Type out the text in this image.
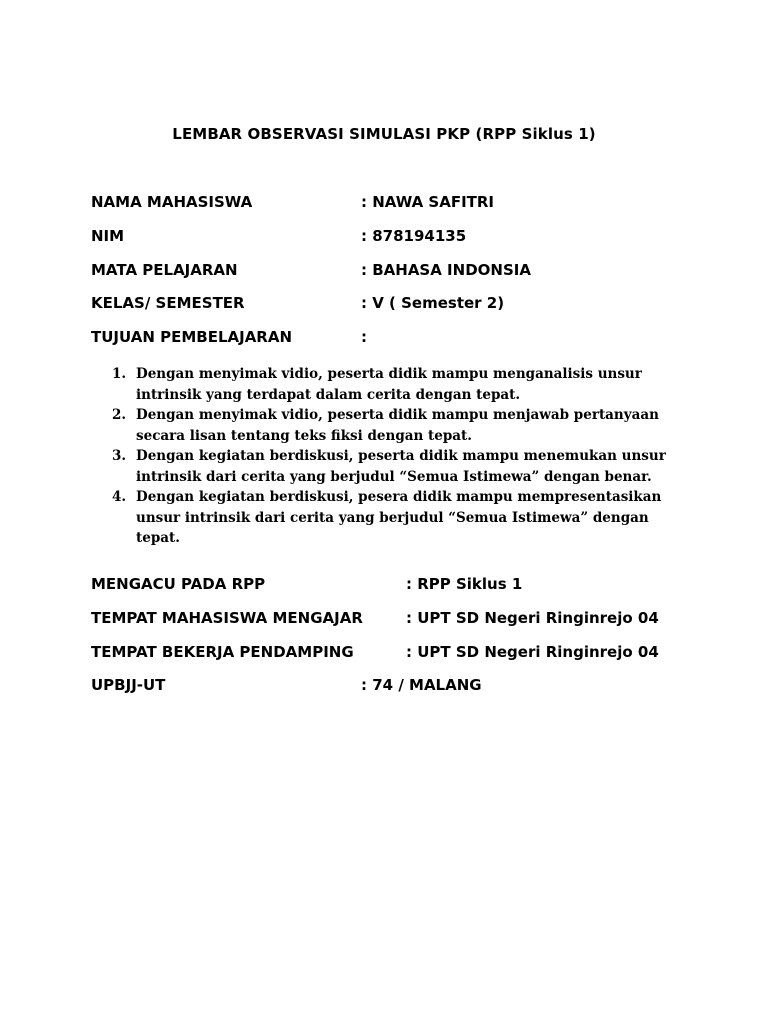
LEMBAR OBSERVASI SIMULASI PKP (RPP Siklus 1)
NAMA MAHASISWA	: NAWA SAFITRI
NIM	: 878194135
MATA PELAJARAN	: BAHASA INDONSIA
KELAS/ SEMESTER	: V ( Semester 2)
TUJUAN PEMBELAJARAN	:
1. Dengan menyimak vidio, peserta didik mampu menganalisis unsur intrinsik yang terdapat dalam cerita dengan tepat.
2. Dengan menyimak vidio, peserta didik mampu menjawab pertanyaan secara lisan tentang teks fiksi dengan tepat.
3. Dengan kegiatan berdiskusi, peserta didik mampu menemukan unsur intrinsik dari cerita yang berjudul “Semua Istimewa” dengan benar.
4. Dengan kegiatan berdiskusi, pesera didik mampu mempresentasikan unsur intrinsik dari cerita yang berjudul “Semua Istimewa” dengan tepat.
MENGACU PADA RPP	: RPP Siklus 1
TEMPAT MAHASISWA MENGAJAR	: UPT SD Negeri Ringinrejo 04
TEMPAT BEKERJA PENDAMPING	: UPT SD Negeri Ringinrejo 04
UPBJJ-UT	: 74 / MALANG
